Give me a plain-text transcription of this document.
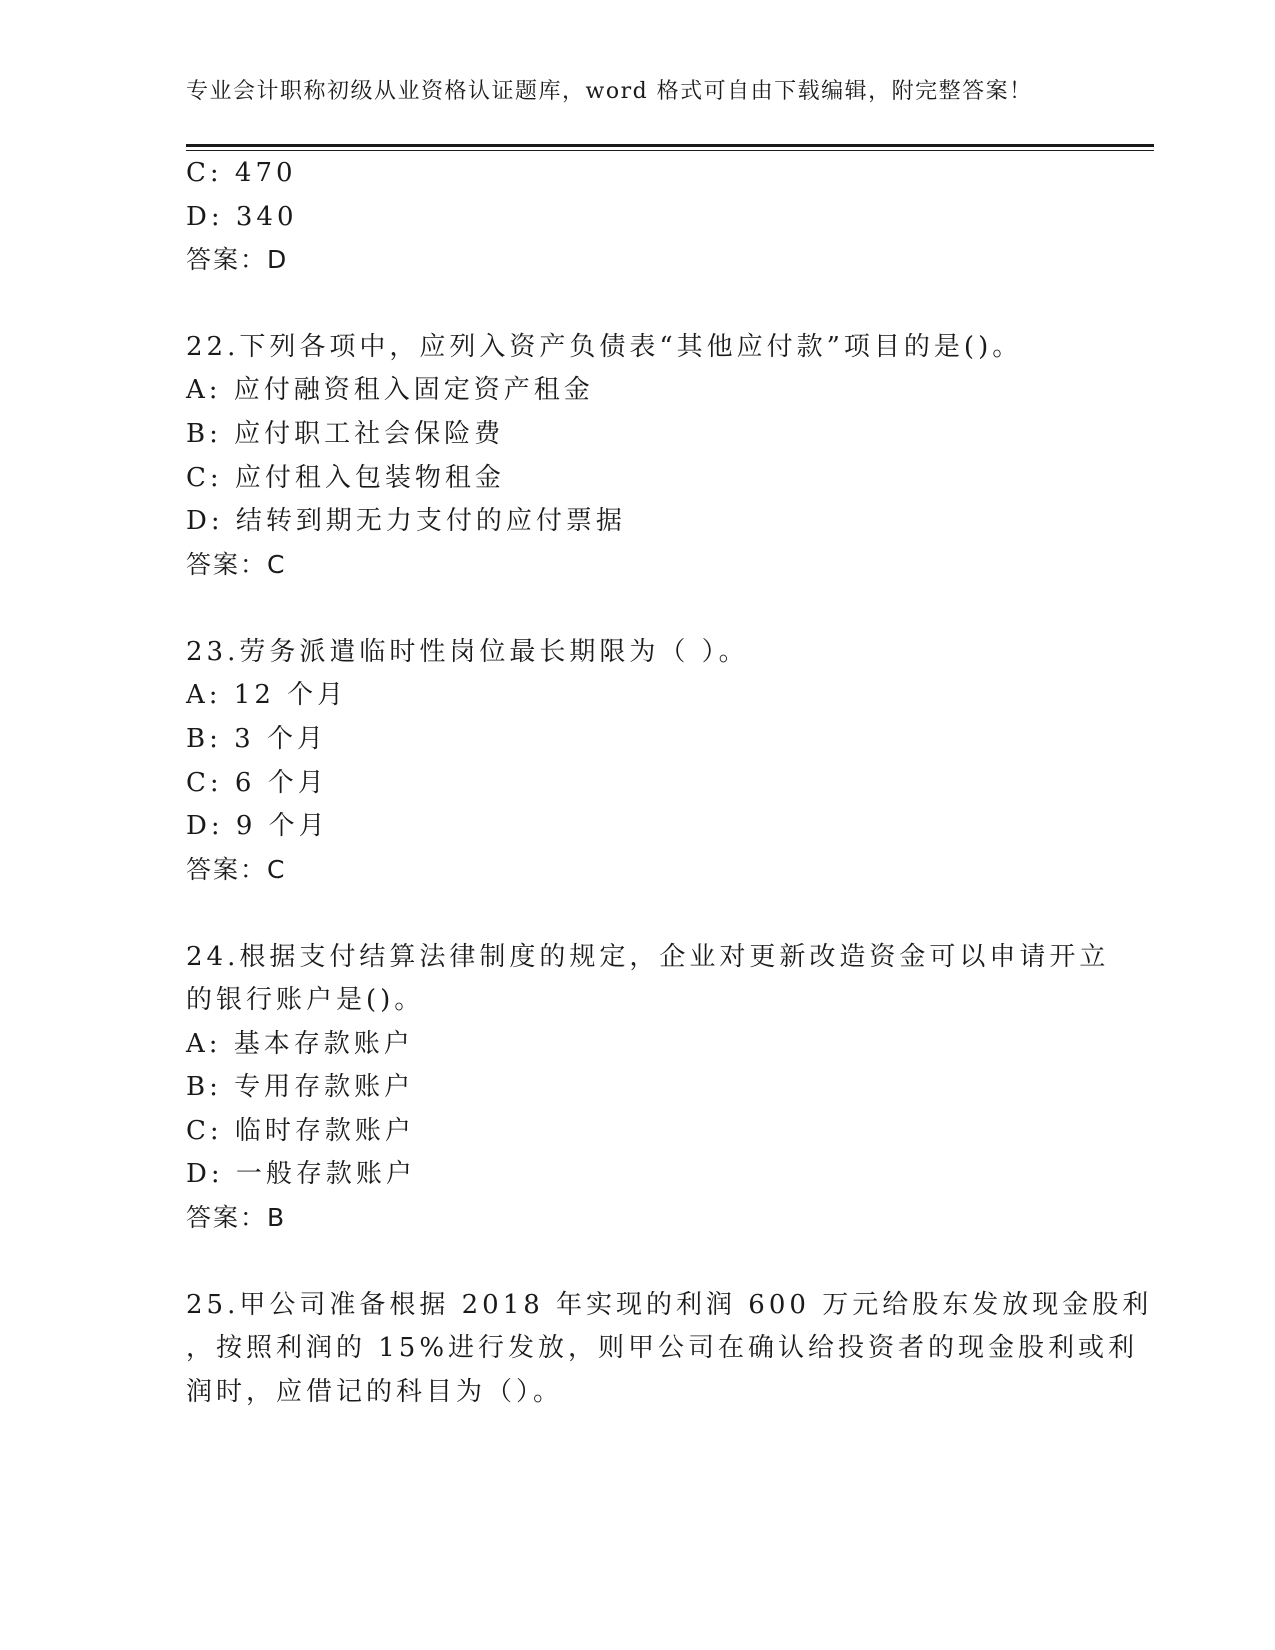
专业会计职称初级从业资格认证题库，word 格式可自由下载编辑，附完整答案！
C: 470
D: 340
答案：D
22.下列各项中，应列入资产负债表“其他应付款”项目的是()。
A: 应付融资租入固定资产租金
B: 应付职工社会保险费
C: 应付租入包装物租金
D: 结转到期无力支付的应付票据
答案：C
23.劳务派遣临时性岗位最长期限为（ ）。
A: 12 个月
B: 3 个月
C: 6 个月
D: 9 个月
答案：C
24.根据支付结算法律制度的规定，企业对更新改造资金可以申请开立
的银行账户是()。
A: 基本存款账户
B: 专用存款账户
C: 临时存款账户
D: 一般存款账户
答案：B
25.甲公司准备根据 2018 年实现的利润 600 万元给股东发放现金股利
，按照利润的 15%进行发放，则甲公司在确认给投资者的现金股利或利
润时，应借记的科目为（）。
